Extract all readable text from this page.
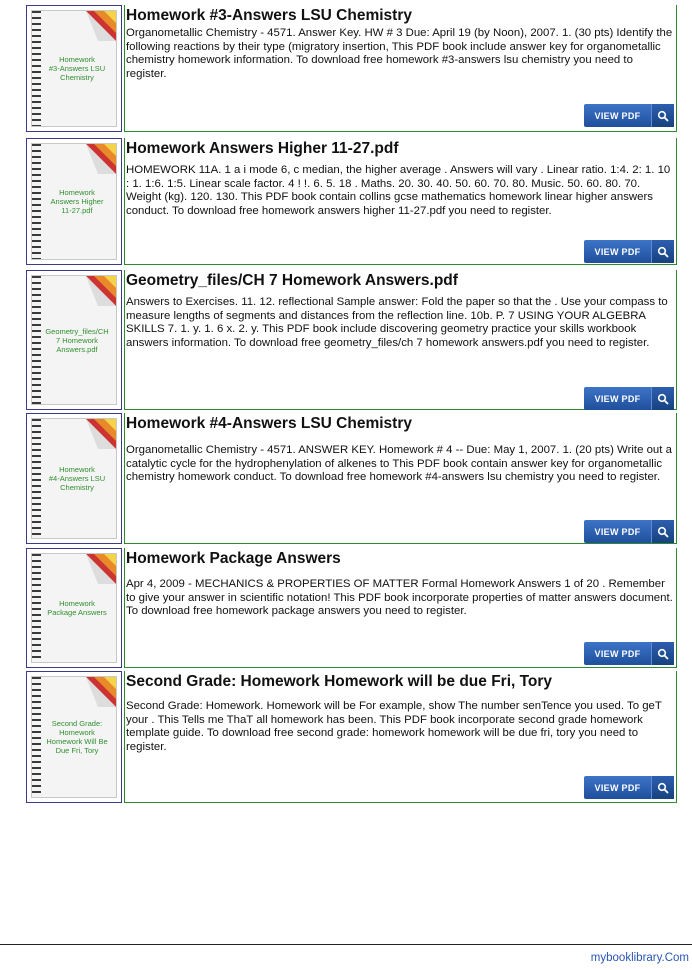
Homework
#3-Answers LSU
Chemistry
Homework #3-Answers LSU Chemistry
Organometallic Chemistry - 4571. Answer Key. HW # 3 Due: April 19 (by Noon), 2007. 1. (30 pts) Identify the following reactions by their type (migratory insertion, This PDF book include answer key for organometallic chemistry homework information. To download free homework #3-answers lsu chemistry you need to register.
VIEW PDF
Homework
Answers Higher
11-27.pdf
Homework Answers Higher 11-27.pdf
HOMEWORK 11A. 1 a i mode 6, c median, the higher average . Answers will vary . Linear ratio. 1:4. 2: 1. 10 : 1. 1:6. 1:5. Linear scale factor. 4 ! !. 6. 5. 18 . Maths. 20. 30. 40. 50. 60. 70. 80. Music. 50. 60. 80. 70. Weight (kg). 120. 130. This PDF book contain collins gcse mathematics homework linear higher answers conduct. To download free homework answers higher 11-27.pdf you need to register.
VIEW PDF
Geometry_files/CH
7 Homework
Answers.pdf
Geometry_files/CH 7 Homework Answers.pdf
Answers to Exercises. 11. 12. reflectional Sample answer: Fold the paper so that the . Use your compass to measure lengths of segments and distances from the reflection line. 10b. P. 7 USING YOUR ALGEBRA SKILLS 7. 1. y. 1. 6 x. 2. y. This PDF book include discovering geometry practice your skills workbook answers information. To download free geometry_files/ch 7 homework answers.pdf you need to register.
VIEW PDF
Homework
#4-Answers LSU
Chemistry
Homework #4-Answers LSU Chemistry
Organometallic Chemistry - 4571. ANSWER KEY. Homework # 4 -- Due: May 1, 2007. 1. (20 pts) Write out a catalytic cycle for the hydrophenylation of alkenes to This PDF book contain answer key for organometallic chemistry homework conduct. To download free homework #4-answers lsu chemistry you need to register.
VIEW PDF
Homework
Package Answers
Homework Package Answers
Apr 4, 2009 - MECHANICS & PROPERTIES OF MATTER Formal Homework Answers 1 of 20 . Remember to give your answer in scientific notation! This PDF book incorporate properties of matter answers document. To download free homework package answers you need to register.
VIEW PDF
Second Grade:
Homework
Homework Will Be
Due Fri, Tory
Second Grade: Homework Homework will be due Fri, Tory
Second Grade: Homework. Homework will be For example, show The number senTence you used. To geT your . This Tells me ThaT all homework has been. This PDF book incorporate second grade homework template guide. To download free second grade: homework homework will be due fri, tory you need to register.
VIEW PDF
mybooklibrary.Com
